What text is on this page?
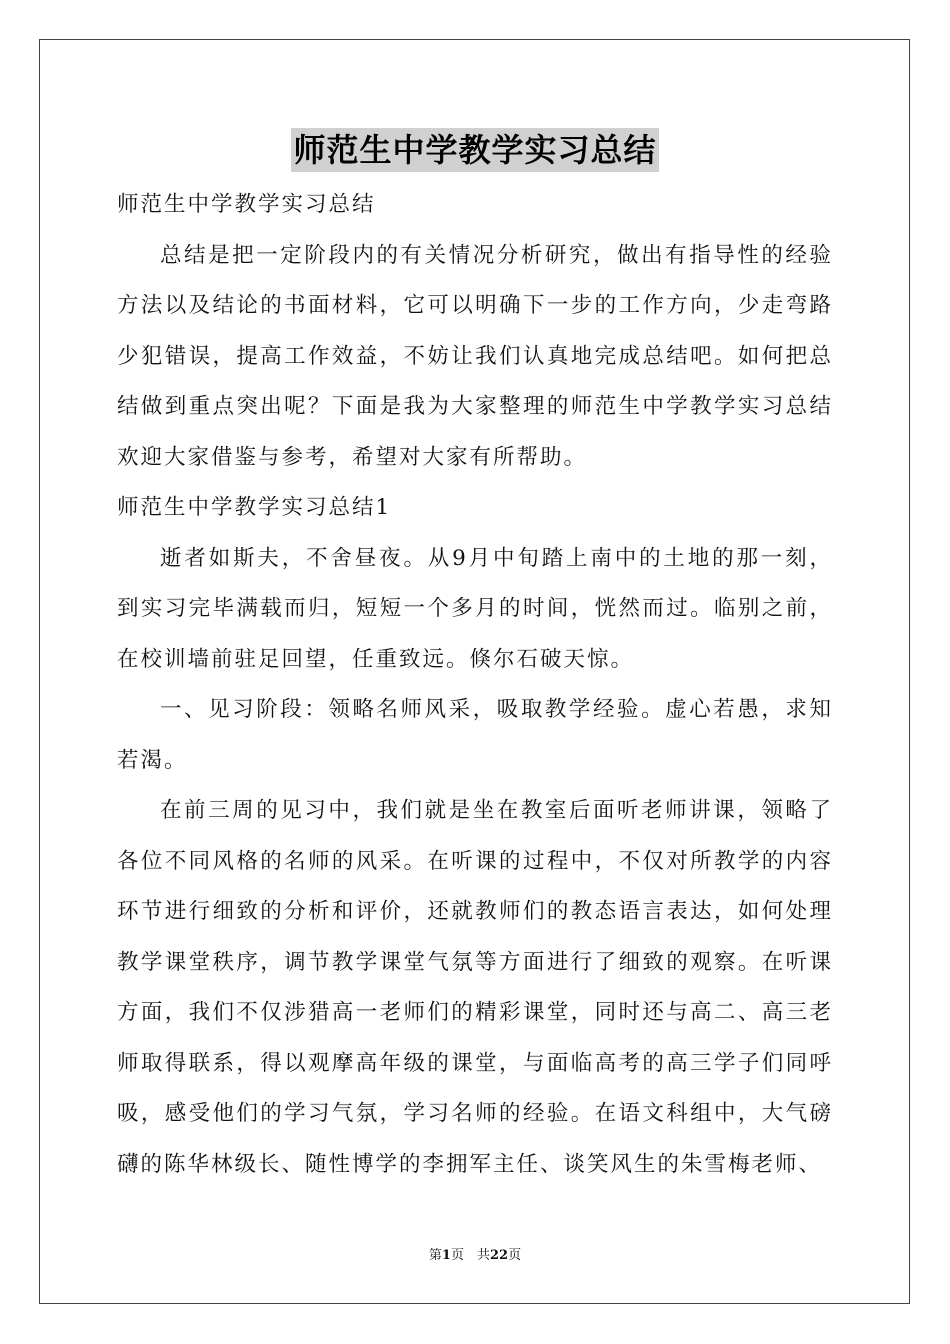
师范生中学教学实习总结

师范生中学教学实习总结

总结是把一定阶段内的有关情况分析研究，做出有指导性的经验方法以及结论的书面材料，它可以明确下一步的工作方向，少走弯路少犯错误，提高工作效益，不妨让我们认真地完成总结吧。如何把总结做到重点突出呢？下面是我为大家整理的师范生中学教学实习总结欢迎大家借鉴与参考，希望对大家有所帮助。

师范生中学教学实习总结1

逝者如斯夫，不舍昼夜。从9月中旬踏上南中的土地的那一刻，到实习完毕满载而归，短短一个多月的时间，恍然而过。临别之前，在校训墙前驻足回望，任重致远。倏尔石破天惊。

一、见习阶段：领略名师风采，吸取教学经验。虚心若愚，求知若渴。

在前三周的见习中，我们就是坐在教室后面听老师讲课，领略了各位不同风格的名师的风采。在听课的过程中，不仅对所教学的内容环节进行细致的分析和评价，还就教师们的教态语言表达，如何处理教学课堂秩序，调节教学课堂气氛等方面进行了细致的观察。在听课方面，我们不仅涉猎高一老师们的精彩课堂，同时还与高二、高三老师取得联系，得以观摩高年级的课堂，与面临高考的高三学子们同呼吸，感受他们的学习气氛，学习名师的经验。在语文科组中，大气磅礴的陈华林级长、随性博学的李拥军主任、谈笑风生的朱雪梅老师、

第1页　共22页
